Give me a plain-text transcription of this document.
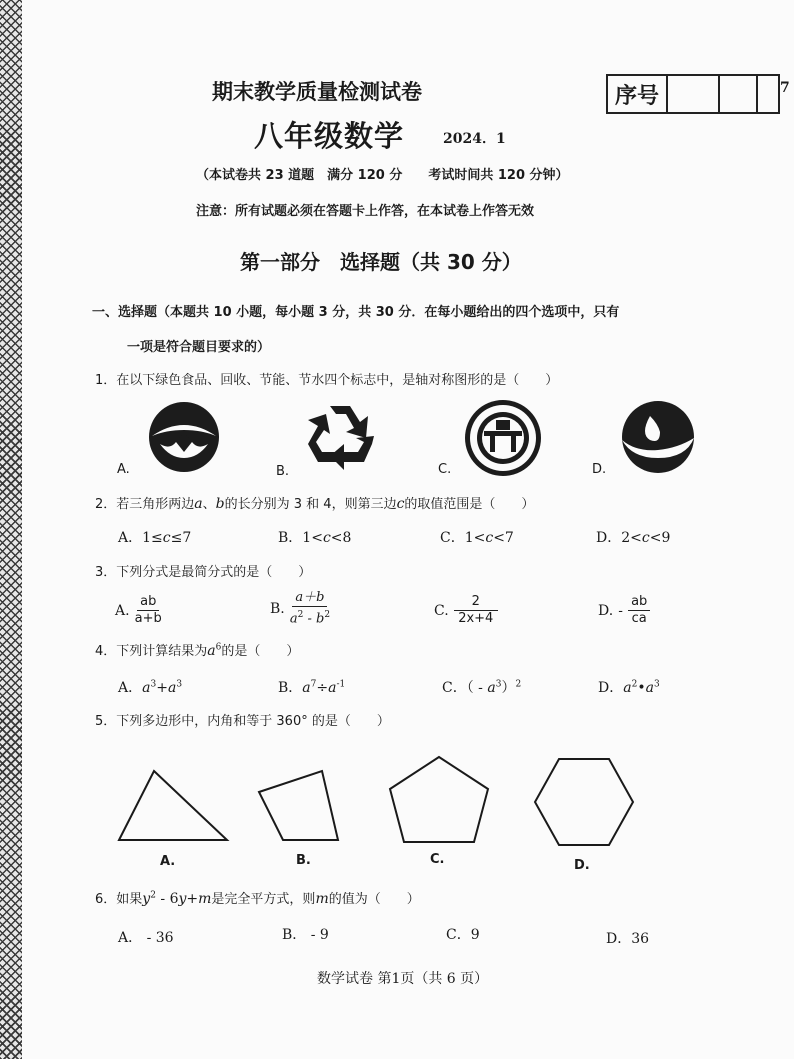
期末教学质量检测试卷	序号	7
八年级数学	2024．1
（本试卷共 23 道题　满分 120 分　　考试时间共 120 分钟）
注意：所有试题必须在答题卡上作答，在本试卷上作答无效
第一部分　选择题（共 30 分）
一、选择题（本题共 10 小题，每小题 3 分，共 30 分．在每小题给出的四个选项中，只有
一项是符合题目要求的）
1．在以下绿色食品、回收、节能、节水四个标志中，是轴对称图形的是（　　）
A.	B.	C.	D.
2．若三角形两边a、b的长分别为 3 和 4，则第三边c的取值范围是（　　）
A．1≤c≤7	B．1<c<8	C．1<c<7	D．2<c<9
3．下列分式是最简分式的是（　　）
A. $\frac{ab}{a+b}$	B. $\frac{a+b}{a^2 - b^2}$	C. $\frac{2}{2x+4}$	D. - $\frac{ab}{ca}$
4．下列计算结果为$a^6$的是（　　）
A．$a^3+a^3$	B．$a^7\div a^{-1}$	C．（ - $a^3)^2$	D．$a^2•a^3$
5．下列多边形中，内角和等于 360° 的是（　　）
A.	B.	C.	D.
6．如果$y^2 - 6y+m$是完全平方式，则m的值为（　　）
A． - 36	B． - 9	C．9	D．36
数学试卷 第1页（共 6 页）
